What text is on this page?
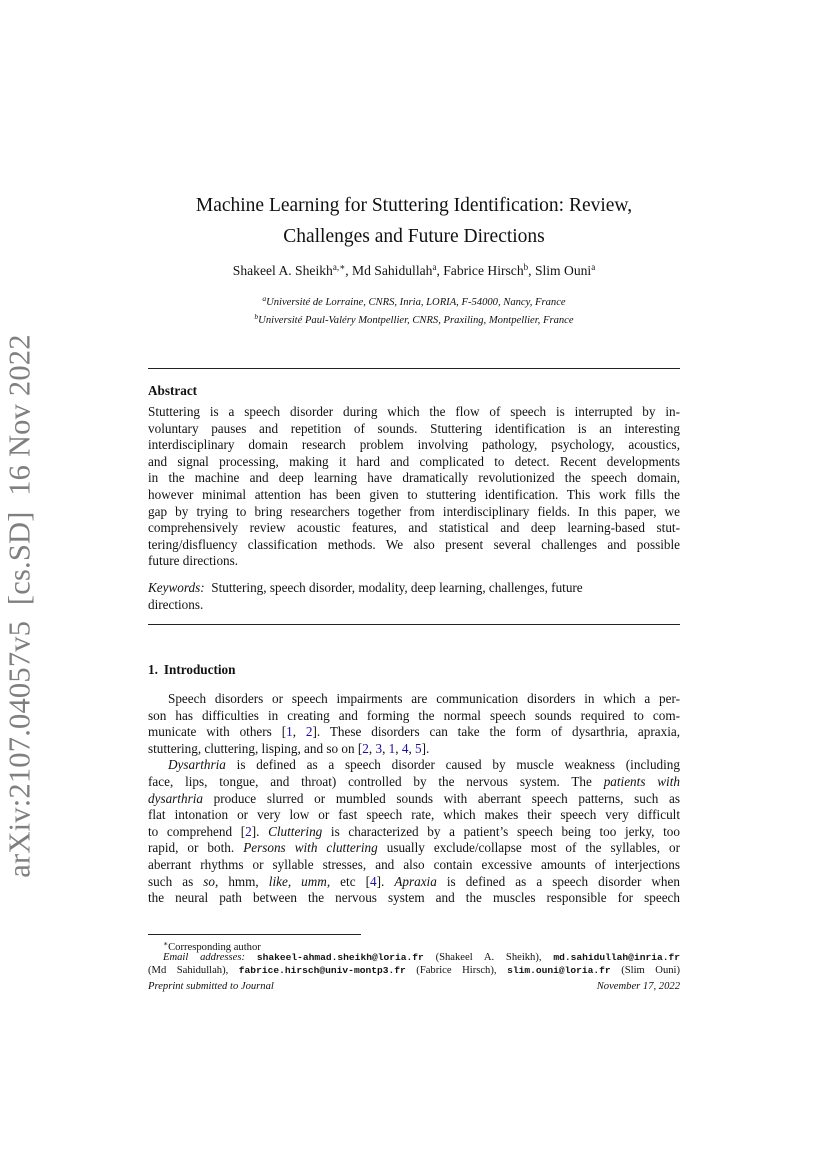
arXiv:2107.04057v5  [cs.SD]  16 Nov 2022
Machine Learning for Stuttering Identification: Review,
Challenges and Future Directions
Shakeel A. Sheikh$^{a,∗}$, Md Sahidullah$^a$, Fabrice Hirsch$^b$, Slim Ouni$^a$
$^a$Université de Lorraine, CNRS, Inria, LORIA, F-54000, Nancy, France
$^b$Université Paul-Valéry Montpellier, CNRS, Praxiling, Montpellier, France
Abstract
Stuttering is a speech disorder during which the flow of speech is interrupted by in-
voluntary pauses and repetition of sounds. Stuttering identification is an interesting
interdisciplinary domain research problem involving pathology, psychology, acoustics,
and signal processing, making it hard and complicated to detect. Recent developments
in the machine and deep learning have dramatically revolutionized the speech domain,
however minimal attention has been given to stuttering identification. This work fills the
gap by trying to bring researchers together from interdisciplinary fields. In this paper, we
comprehensively review acoustic features, and statistical and deep learning-based stut-
tering/disfluency classification methods. We also present several challenges and possible
future directions.
Keywords: Stuttering, speech disorder, modality, deep learning, challenges, future
directions.
1. Introduction
Speech disorders or speech impairments are communication disorders in which a per-
son has difficulties in creating and forming the normal speech sounds required to com-
municate with others [1, 2]. These disorders can take the form of dysarthria, apraxia,
stuttering, cluttering, lisping, and so on [2, 3, 1, 4, 5].
Dysarthria is defined as a speech disorder caused by muscle weakness (including
face, lips, tongue, and throat) controlled by the nervous system. The patients with
dysarthria produce slurred or mumbled sounds with aberrant speech patterns, such as
flat intonation or very low or fast speech rate, which makes their speech very difficult
to comprehend [2]. Cluttering is characterized by a patient’s speech being too jerky, too
rapid, or both. Persons with cluttering usually exclude/collapse most of the syllables, or
aberrant rhythms or syllable stresses, and also contain excessive amounts of interjections
such as so, hmm, like, umm, etc [4]. Apraxia is defined as a speech disorder when
the neural path between the nervous system and the muscles responsible for speech
∗Corresponding author
Email addresses: shakeel-ahmad.sheikh@loria.fr (Shakeel A. Sheikh), md.sahidullah@inria.fr
(Md Sahidullah), fabrice.hirsch@univ-montp3.fr (Fabrice Hirsch), slim.ouni@loria.fr (Slim Ouni)
Preprint submitted to Journal	November 17, 2022
